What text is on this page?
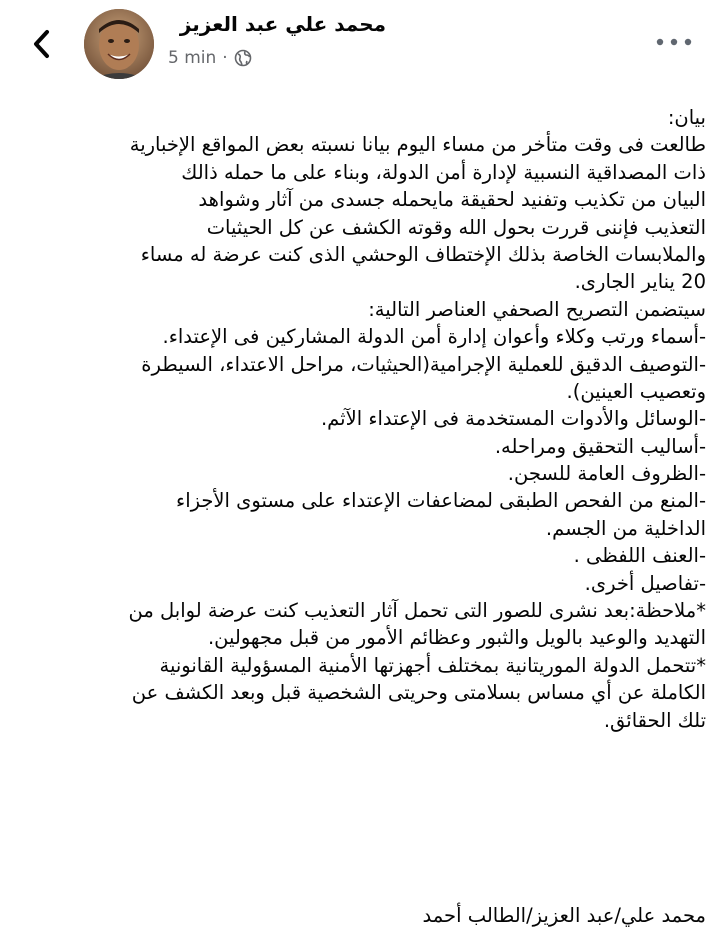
محمد علي عبد العزيز
5 min ·
بيان:
طالعت فى وقت متأخر من مساء اليوم بيانا نسبته بعض المواقع الإخبارية
ذات المصداقية النسبية لإدارة أمن الدولة، وبناء على ما حمله ذالك
البيان من تكذيب وتفنيد لحقيقة مايحمله جسدى من آثار وشواهد
التعذيب فإننى قررت بحول الله وقوته الكشف عن كل الحيثيات
والملابسات الخاصة بذلك الإختطاف الوحشي الذى كنت عرضة له مساء
20 يناير الجارى.
سيتضمن التصريح الصحفي العناصر التالية:
-أسماء ورتب وكلاء وأعوان إدارة أمن الدولة المشاركين فى الإعتداء.
-التوصيف الدقيق للعملية الإجرامية(الحيثيات، مراحل الاعتداء، السيطرة
وتعصيب العينين).
-الوسائل والأدوات المستخدمة فى الإعتداء الآثم.
-أساليب التحقيق ومراحله.
-الظروف العامة للسجن.
-المنع من الفحص الطبقى لمضاعفات الإعتداء على مستوى الأجزاء
الداخلية من الجسم.
-العنف اللفظى .
-تفاصيل أخرى.
*ملاحظة:بعد نشرى للصور التى تحمل آثار التعذيب كنت عرضة لوابل من
التهديد والوعيد بالويل والثبور وعظائم الأمور من قبل مجهولين.
*تتحمل الدولة الموريتانية بمختلف أجهزتها الأمنية المسؤولية القانونية
الكاملة عن أي مساس بسلامتى وحريتى الشخصية قبل وبعد الكشف عن
تلك الحقائق.
محمد علي/عبد العزيز/الطالب أحمد
